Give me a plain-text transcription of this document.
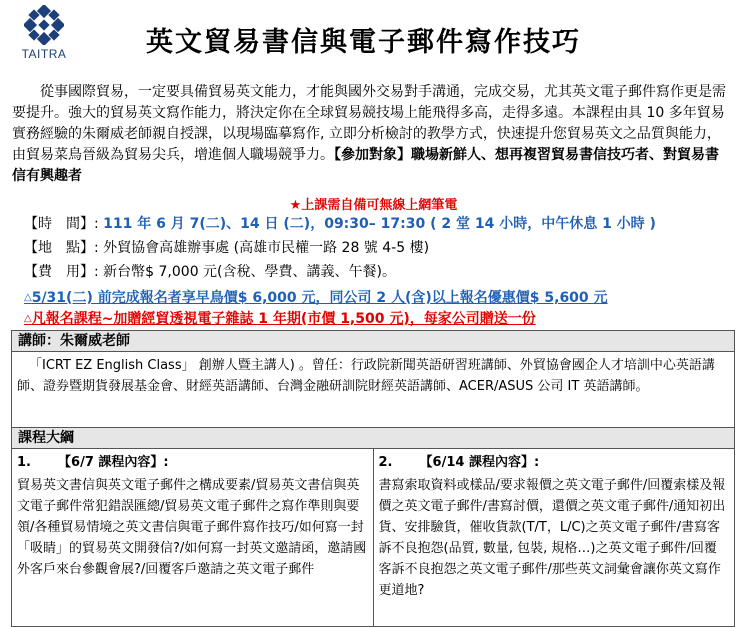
TAITRA	英文貿易書信與電子郵件寫作技巧
從事國際貿易，一定要具備貿易英文能力，才能與國外交易對手溝通，完成交易，尤其英文電子郵件寫作更是需要提升。強大的貿易英文寫作能力，將決定你在全球貿易競技場上能飛得多高，走得多遠。本課程由具 10 多年貿易實務經驗的朱爾威老師親自授課，以現場臨摹寫作, 立即分析檢討的教學方式，快速提升您貿易英文之品質與能力，由貿易菜鳥晉級為貿易尖兵，增進個人職場競爭力。【參加對象】職場新鮮人、想再複習貿易書信技巧者、對貿易書信有興趣者
★上課需自備可無線上網筆電
【時　間】: 111 年 6 月 7(二)、14 日 (二)，09:30– 17:30 ( 2 堂 14 小時，中午休息 1 小時 )
【地　點】: 外貿協會高雄辦事處 (高雄市民權一路 28 號 4-5 樓)
【費　用】: 新台幣$ 7,000 元(含稅、學費、講義、午餐)。
△5/31(二) 前完成報名者享早鳥價$ 6,000 元，同公司 2 人(含)以上報名優惠價$ 5,600 元
△凡報名課程~加贈經貿透視電子雜誌 1 年期(市價 1,500 元)，每家公司贈送一份
講師：朱爾威老師
「ICRT EZ English Class」 創辦人暨主講人) 。曾任：行政院新聞英語研習班講師、外貿協會國企人才培訓中心英語講師、證券暨期貨發展基金會、財經英語講師、台灣金融研訓院財經英語講師、ACER/ASUS 公司 IT 英語講師。
課程大綱

1. 【6/7 課程內容】:
貿易英文書信與英文電子郵件之構成要素/貿易英文書信與英文電子郵件常犯錯誤匯總/貿易英文電子郵件之寫作準則與要領/各種貿易情境之英文書信與電子郵件寫作技巧/如何寫一封「吸睛」的貿易英文開發信?/如何寫一封英文邀請函，邀請國外客戶來台參觀會展?/回覆客戶邀請之英文電子郵件

2. 【6/14 課程內容】:
書寫索取資料或樣品/要求報價之英文電子郵件/回覆索樣及報價之英文電子郵件/書寫討價，還價之英文電子郵件/通知初出貨、安排驗貨，催收貨款(T/T，L/C)之英文電子郵件/書寫客訴不良抱怨(品質, 數量, 包裝, 規格…)之英文電子郵件/回覆客訴不良抱怨之英文電子郵件/那些英文詞彙會讓你英文寫作更道地?
